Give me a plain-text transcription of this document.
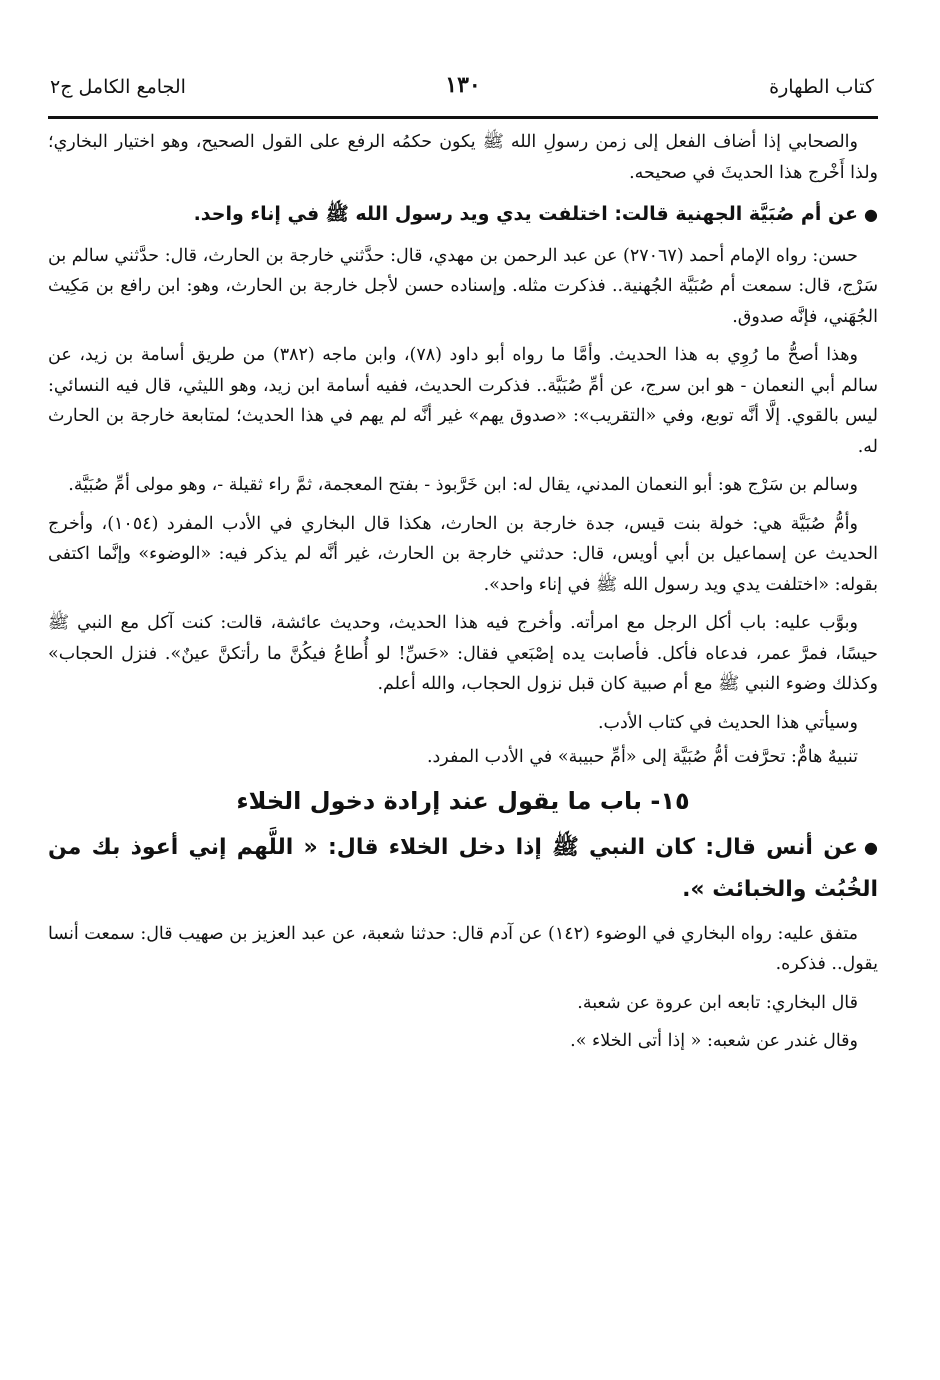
كتاب الطهارة
١٣٠
الجامع الكامل ج٢

والصحابي إذا أضاف الفعل إلى زمن رسولِ الله ﷺ يكون حكمُه الرفع على القول الصحيح، وهو اختيار البخاري؛ ولذا أَخْرج هذا الحديثَ في صحيحه.

●عن أم صُبَيَّة الجهنية قالت: اختلفت يدي ويد رسول الله ﷺ في إناء واحد.

حسن: رواه الإمام أحمد (٢٧٠٦٧) عن عبد الرحمن بن مهدي، قال: حدَّثني خارجة بن الحارث، قال: حدَّثني سالم بن سَرْج، قال: سمعت أم صُبَيَّة الجُهنية.. فذكرت مثله. وإسناده حسن لأجل خارجة بن الحارث، وهو: ابن رافع بن مَكِيث الجُهَني، فإنَّه صدوق.

وهذا أصحُّ ما رُوِي به هذا الحديث. وأمَّا ما رواه أبو داود (٧٨)، وابن ماجه (٣٨٢) من طريق أسامة بن زيد، عن سالم أبي النعمان - هو ابن سرج، عن أمِّ صُبَيَّة.. فذكرت الحديث، ففيه أسامة ابن زيد، وهو الليثي، قال فيه النسائي: ليس بالقوي. إلَّا أنَّه توبع، وفي «التقريب»: «صدوق يهم» غير أنَّه لم يهم في هذا الحديث؛ لمتابعة خارجة بن الحارث له.

وسالم بن سَرْج هو: أبو النعمان المدني، يقال له: ابن خَرَّبوذ - بفتح المعجمة، ثمَّ راء ثقيلة -، وهو مولى أمِّ صُبَيَّة.

وأمُّ صُبَيَّة هي: خولة بنت قيس، جدة خارجة بن الحارث، هكذا قال البخاري في الأدب المفرد (١٠٥٤)، وأخرج الحديث عن إسماعيل بن أبي أويس، قال: حدثني خارجة بن الحارث، غير أنَّه لم يذكر فيه: «الوضوء» وإنَّما اكتفى بقوله: «اختلفت يدي ويد رسول الله ﷺ في إناء واحد».

وبوَّب عليه: باب أكل الرجل مع امرأته. وأخرج فيه هذا الحديث، وحديث عائشة، قالت: كنت آكل مع النبي ﷺ حيسًا، فمرَّ عمر، فدعاه فأكل. فأصابت يده إصْبَعي فقال: «حَسِّ! لو أُطاعُ فيكُنَّ ما رأتكنَّ عينٌ». فنزل الحجاب» وكذلك وضوء النبي ﷺ مع أم صبية كان قبل نزول الحجاب، والله أعلم.

وسيأتي هذا الحديث في كتاب الأدب.

تنبيهٌ هامٌّ: تحرَّفت أمُّ صُبَيَّة إلى «أمِّ حبيبة» في الأدب المفرد.

١٥- باب ما يقول عند إرادة دخول الخلاء

●عن أنس قال: كان النبي ﷺ إذا دخل الخلاء قال: « اللَّهم إني أعوذ بك من الخُبُث والخبائث ».

متفق عليه: رواه البخاري في الوضوء (١٤٢) عن آدم قال: حدثنا شعبة، عن عبد العزيز بن صهيب قال: سمعت أنسا يقول.. فذكره.

قال البخاري: تابعه ابن عروة عن شعبة.

وقال غندر عن شعبه: « إذا أتى الخلاء ».
